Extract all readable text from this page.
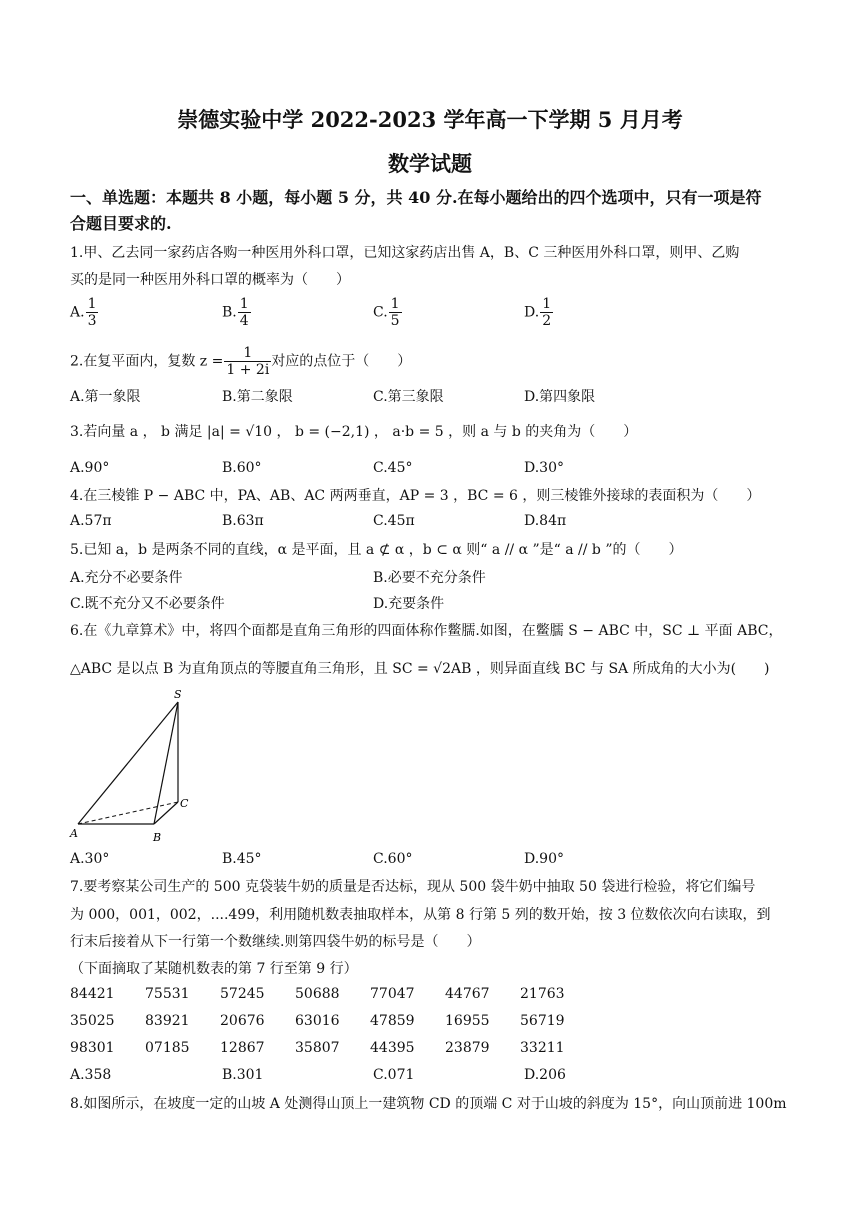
崇德实验中学 2022-2023 学年高一下学期 5 月月考
数学试题
一、单选题：本题共 8 小题，每小题 5 分，共 40 分.在每小题给出的四个选项中，只有一项是符
合题目要求的.
1.甲、乙去同一家药店各购一种医用外科口罩，已知这家药店出售 A，B、C 三种医用外科口罩，则甲、乙购
买的是同一种医用外科口罩的概率为（　　）
A. $\frac{1}{3}$	B. $\frac{1}{4}$	C. $\frac{1}{5}$	D. $\frac{1}{2}$
2.在复平面内，复数 $z = \frac{1}{1 + 2i}$ 对应的点位于（　　）
A.第一象限	B.第二象限	C.第三象限	D.第四象限
3.若向量 a ， b 满足 |a| = √10 ， b = (−2,1) ， a·b = 5 ，则 a 与 b 的夹角为（　　）
A.90°	B.60°	C.45°	D.30°
4.在三棱锥 P − ABC 中，PA、AB、AC 两两垂直，AP = 3 ，BC = 6 ，则三棱锥外接球的表面积为（　　）
A.57π	B.63π	C.45π	D.84π
5.已知 a，b 是两条不同的直线，α 是平面，且 a ⊄ α ，b ⊂ α 则“ a // α ”是“ a // b ”的（　　）
A.充分不必要条件	B.必要不充分条件
C.既不充分又不必要条件	D.充要条件
6.在《九章算术》中，将四个面都是直角三角形的四面体称作鳖臑.如图，在鳖臑 S − ABC 中，SC ⊥ 平面 ABC，
△ABC 是以点 B 为直角顶点的等腰直角三角形，且 SC = √2AB ，则异面直线 BC 与 SA 所成角的大小为(　　)
S
C
A	B
A.30°	B.45°	C.60°	D.90°
7.要考察某公司生产的 500 克袋装牛奶的质量是否达标，现从 500 袋牛奶中抽取 50 袋进行检验，将它们编号
为 000，001，002，....499，利用随机数表抽取样本，从第 8 行第 5 列的数开始，按 3 位数依次向右读取，到
行末后接着从下一行第一个数继续.则第四袋牛奶的标号是（　　）
（下面摘取了某随机数表的第 7 行至第 9 行）
84421 75531 57245 50688 77047 44767 21763
35025 83921 20676 63016 47859 16955 56719
98301 07185 12867 35807 44395 23879 33211
A.358	B.301	C.071	D.206
8.如图所示，在坡度一定的山坡 A 处测得山顶上一建筑物 CD 的顶端 C 对于山坡的斜度为 15°，向山顶前进 100m
